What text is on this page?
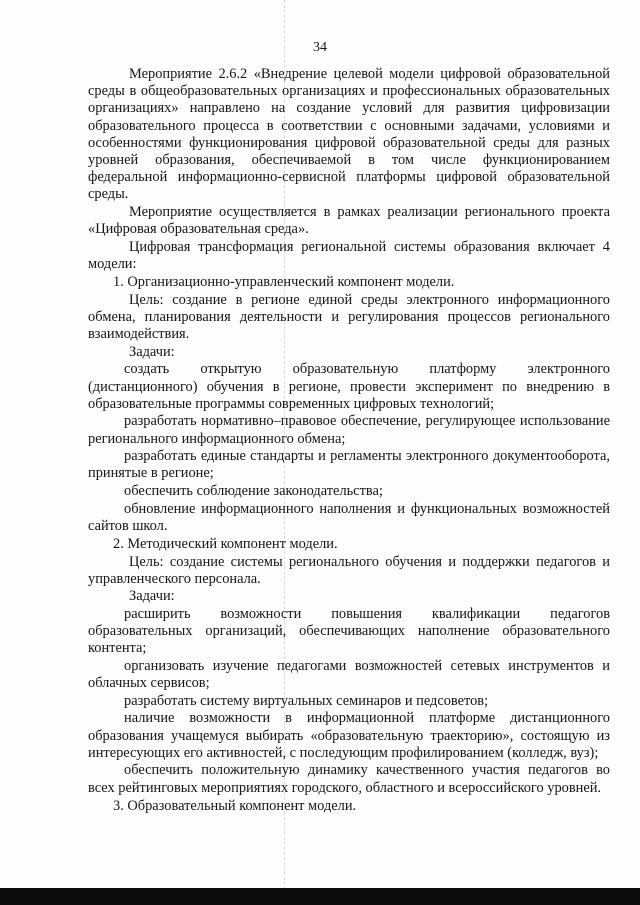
34

Мероприятие 2.6.2 «Внедрение целевой модели цифровой образовательной среды в общеобразовательных организациях и профессиональных образовательных организациях» направлено на создание условий для развития цифровизации образовательного процесса в соответствии с основными задачами, условиями и особенностями функционирования цифровой образовательной среды для разных уровней образования, обеспечиваемой в том числе функционированием федеральной информационно-сервисной платформы цифровой образовательной среды.

Мероприятие осуществляется в рамках реализации регионального проекта «Цифровая образовательная среда».

Цифровая трансформация региональной системы образования включает 4 модели:

1. Организационно-управленческий компонент модели.

Цель: создание в регионе единой среды электронного информационного обмена, планирования деятельности и регулирования процессов регионального взаимодействия.

Задачи:

создать открытую образовательную платформу электронного (дистанционного) обучения в регионе, провести эксперимент по внедрению в образовательные программы современных цифровых технологий;

разработать нормативно–правовое обеспечение, регулирующее использование регионального информационного обмена;

разработать единые стандарты и регламенты электронного документооборота, принятые в регионе;

обеспечить соблюдение законодательства;

обновление информационного наполнения и функциональных возможностей сайтов школ.

2. Методический компонент модели.

Цель: создание системы регионального обучения и поддержки педагогов и управленческого персонала.

Задачи:

расширить возможности повышения квалификации педагогов образовательных организаций, обеспечивающих наполнение образовательного контента;

организовать изучение педагогами возможностей сетевых инструментов и облачных сервисов;

разработать систему виртуальных семинаров и педсоветов;

наличие возможности в информационной платформе дистанционного образования учащемуся выбирать «образовательную траекторию», состоящую из интересующих его активностей, с последующим профилированием (колледж, вуз);

обеспечить положительную динамику качественного участия педагогов во всех рейтинговых мероприятиях городского, областного и всероссийского уровней.

3. Образовательный компонент модели.
